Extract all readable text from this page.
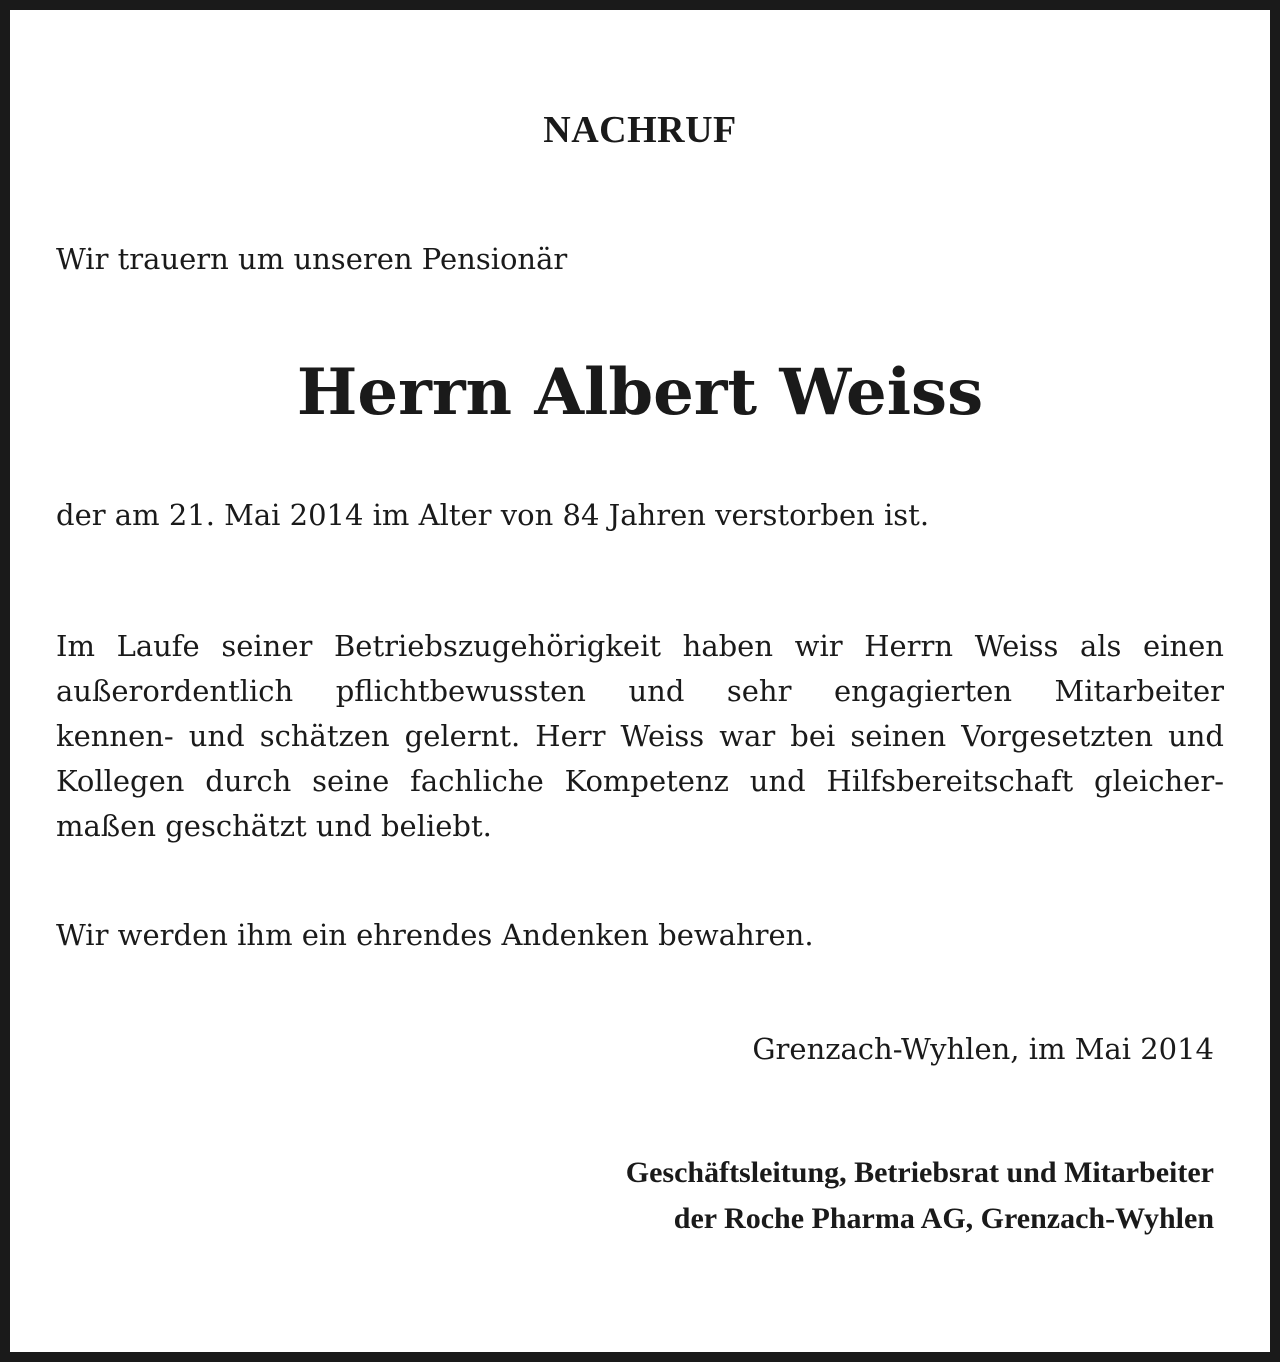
NACHRUF
Wir trauern um unseren Pensionär
Herrn Albert Weiss
der am 21. Mai 2014 im Alter von 84 Jahren verstorben ist.
Im Laufe seiner Betriebszugehörigkeit haben wir Herrn Weiss als einen
außerordentlich pflichtbewussten und sehr engagierten Mitarbeiter
kennen- und schätzen gelernt. Herr Weiss war bei seinen Vorgesetzten und
Kollegen durch seine fachliche Kompetenz und Hilfsbereitschaft gleicher-
maßen geschätzt und beliebt.
Wir werden ihm ein ehrendes Andenken bewahren.
Grenzach-Wyhlen, im Mai 2014
Geschäftsleitung, Betriebsrat und Mitarbeiter
der Roche Pharma AG, Grenzach-Wyhlen
